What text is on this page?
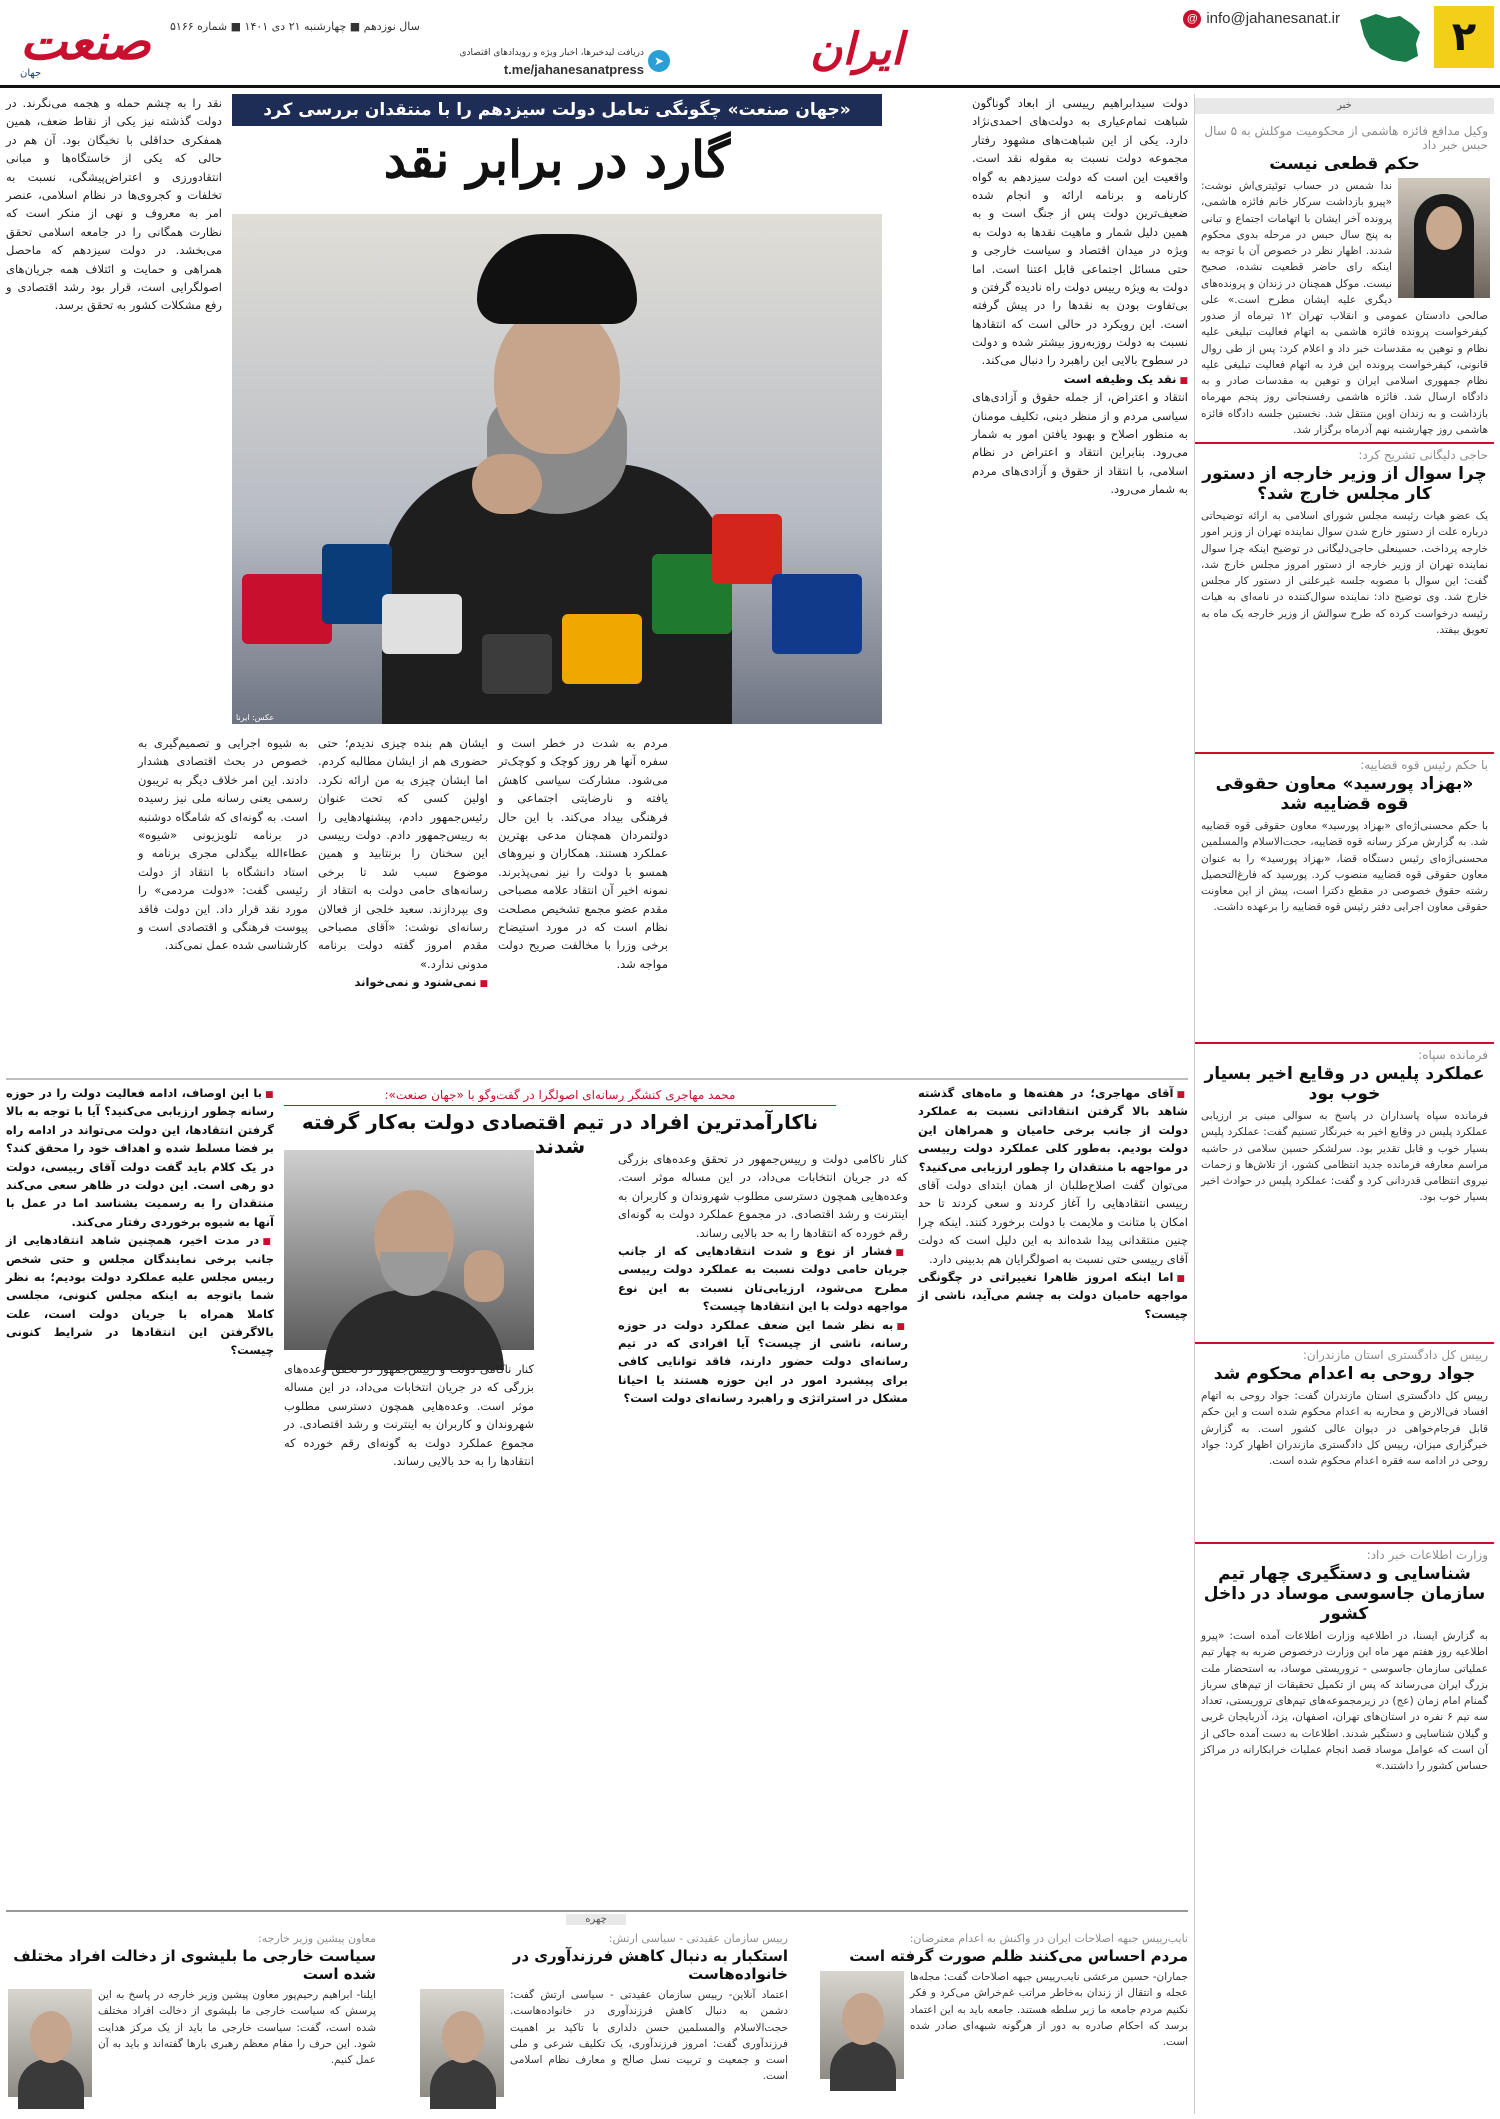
۲
@ info@jahanesanat.ir
ایران
➤
دریافت لیدخبرها، اخبار ویژه و رویدادهای اقتصادی
t.me/jahanesanatpress
سال نوزدهم ■ چهارشنبه ۲۱ دی ۱۴۰۱ ■ شماره ۵۱۶۶
صنعت
جهان
خبر
وکیل مدافع فائزه هاشمی از محکومیت موکلش به ۵ سال حبس خبر داد
حکم قطعی نیست
ندا شمس در حساب توئیتری‌اش نوشت: «پیرو بازداشت سرکار خانم فائزه هاشمی، پرونده آخر ایشان با اتهامات اجتماع و تبانی به پنج سال حبس در مرحله بدوی محکوم شدند. اظهار نظر در خصوص آن با توجه به اینکه رای حاضر قطعیت نشده، صحیح نیست. موکل همچنان در زندان و پرونده‌های دیگری علیه ایشان مطرح است.» علی صالحی دادستان عمومی و انقلاب تهران ۱۲ تیرماه از صدور کیفرخواست پرونده فائزه هاشمی به اتهام فعالیت تبلیغی علیه نظام و توهین به مقدسات خبر داد و اعلام کرد: پس از طی روال قانونی، کیفرخواست پرونده این فرد به اتهام فعالیت تبلیغی علیه نظام جمهوری اسلامی ایران و توهین به مقدسات صادر و به دادگاه ارسال شد. فائزه هاشمی رفسنجانی روز پنجم مهرماه بازداشت و به زندان اوین منتقل شد. نخستین جلسه دادگاه فائزه هاشمی روز چهارشنبه نهم آذرماه برگزار شد.
حاجی دلیگانی تشریح کرد:
چرا سوال از وزیر خارجه از دستور کار مجلس خارج شد؟
یک عضو هیات رئیسه مجلس شورای اسلامی به ارائه توضیحاتی درباره علت از دستور خارج شدن سوال نماینده تهران از وزیر امور خارجه پرداخت. حسینعلی حاجی‌دلیگانی در توضیح اینکه چرا سوال نماینده تهران از وزیر خارجه از دستور امروز مجلس خارج شد، گفت: این سوال با مصوبه جلسه غیرعلنی از دستور کار مجلس خارج شد. وی توضیح داد: نماینده سوال‌کننده در نامه‌ای به هیات رئیسه درخواست کرده که طرح سوالش از وزیر خارجه یک ماه به تعویق بیفتد.
با حکم رئیس قوه قضاییه:
«بهزاد پورسید» معاون حقوقی قوه قضاییه شد
با حکم محسنی‌اژه‌ای «بهزاد پورسید» معاون حقوقی قوه قضاییه شد. به گزارش مرکز رسانه قوه قضاییه، حجت‌الاسلام والمسلمین محسنی‌اژه‌ای رئیس دستگاه قضا، «بهزاد پورسید» را به عنوان معاون حقوقی قوه قضاییه منصوب کرد. پورسید که فارغ‌التحصیل رشته حقوق خصوصی در مقطع دکترا است، پیش از این معاونت حقوقی معاون اجرایی دفتر رئیس قوه قضاییه را برعهده داشت.
فرمانده سپاه:
عملکرد پلیس در وقایع اخیر بسیار خوب بود
فرمانده سپاه پاسداران در پاسخ به سوالی مبنی بر ارزیابی عملکرد پلیس در وقایع اخیر به خبرنگار تسنیم گفت: عملکرد پلیس بسیار خوب و قابل تقدیر بود. سرلشکر حسین سلامی در حاشیه مراسم معارفه فرمانده جدید انتظامی کشور، از تلاش‌ها و زحمات نیروی انتظامی قدردانی کرد و گفت: عملکرد پلیس در حوادث اخیر بسیار خوب بود.
رییس کل دادگستری استان مازندران:
جواد روحی به اعدام محکوم شد
رییس کل دادگستری استان مازندران گفت: جواد روحی به اتهام افساد فی‌الارض و محاربه به اعدام محکوم شده است و این حکم قابل فرجام‌خواهی در دیوان عالی کشور است. به گزارش خبرگزاری میزان، رییس کل دادگستری مازندران اظهار کرد: جواد روحی در ادامه سه فقره اعدام محکوم شده است.
وزارت اطلاعات خبر داد:
شناسایی و دستگیری چهار تیم سازمان جاسوسی موساد در داخل کشور
به گزارش ایسنا، در اطلاعیه وزارت اطلاعات آمده است: «پیرو اطلاعیه روز هفتم مهر ماه این وزارت درخصوص ضربه به چهار تیم عملیاتی سازمان جاسوسی - تروریستی موساد، به استحضار ملت بزرگ ایران می‌رساند که پس از تکمیل تحقیقات از تیم‌های سرباز گمنام امام زمان (عج) در زیرمجموعه‌های تیم‌های تروریستی، تعداد سه تیم ۶ نفره در استان‌های تهران، اصفهان، یزد، آذربایجان غربی و گیلان شناسایی و دستگیر شدند. اطلاعات به دست آمده حاکی از آن است که عوامل موساد قصد انجام عملیات خرابکارانه در مراکز حساس کشور را داشتند.»
«جهان صنعت» چگونگی تعامل دولت سیزدهم را با منتقدان بررسی کرد
گارد در برابر نقد

دولت سیدابراهیم رییسی از ابعاد گوناگون شباهت تمام‌عیاری به دولت‌های احمدی‌نژاد دارد. یکی از این شباهت‌های مشهود رفتار مجموعه دولت نسبت به مقوله نقد است. واقعیت این است که دولت سیزدهم به گواه کارنامه و برنامه ارائه و انجام شده ضعیف‌ترین دولت پس از جنگ است و به همین دلیل شمار و ماهیت نقدها به دولت به ویژه در میدان اقتصاد و سیاست خارجی و حتی مسائل اجتماعی قابل اعتنا است. اما دولت به ویژه رییس دولت راه نادیده گرفتن و بی‌تفاوت بودن به نقدها را در پیش گرفته است. این رویکرد در حالی است که انتقادها نسبت به دولت روزبه‌روز بیشتر شده و دولت در سطوح بالایی این راهبرد را دنبال می‌کند.

■ نقد یک وظیفه است

انتقاد و اعتراض، از جمله حقوق و آزادی‌های سیاسی مردم و از منظر دینی، تکلیف مومنان به منظور اصلاح و بهبود یافتن امور به شمار می‌رود. بنابراین انتقاد و اعتراض در نظام اسلامی، با انتقاد از حقوق و آزادی‌های مردم به شمار می‌رود.

عکس: ایرنا

مردم به شدت در خطر است و سفره آنها هر روز کوچک و کوچک‌تر می‌شود. مشارکت سیاسی کاهش یافته و نارضایتی اجتماعی و فرهنگی بیداد می‌کند. با این حال دولتمردان همچنان مدعی بهترین عملکرد هستند. همکاران و نیروهای همسو با دولت را نیز نمی‌پذیرند. نمونه اخیر آن انتقاد علامه مصباحی مقدم عضو مجمع تشخیص مصلحت نظام است که در مورد استیضاح برخی وزرا با مخالفت صریح دولت مواجه شد.

ایشان هم بنده چیزی ندیدم؛ حتی حضوری هم از ایشان مطالبه کردم. اما ایشان چیزی به من ارائه نکرد. اولین کسی که تحت عنوان رئیس‌جمهور دادم، پیشنهادهایی را به رییس‌جمهور دادم. دولت رییسی این سخنان را برنتابید و همین موضوع سبب شد تا برخی رسانه‌های حامی دولت به انتقاد از وی بپردازند. سعید خلجی از فعالان رسانه‌ای نوشت: «آقای مصباحی مقدم امروز گفته دولت برنامه مدونی ندارد.»

■ نمی‌شنود و نمی‌خواند

به شیوه اجرایی و تصمیم‌گیری به خصوص در بحث اقتصادی هشدار دادند. این امر خلاف دیگر به تریبون رسمی یعنی رسانه ملی نیز رسیده است. به گونه‌ای که شامگاه دوشنبه در برنامه تلویزیونی «شیوه» عطاءالله بیگدلی مجری برنامه و استاد دانشگاه با انتقاد از دولت رئیسی گفت: «دولت مردمی» را مورد نقد قرار داد. این دولت فاقد پیوست فرهنگی و اقتصادی است و کارشناسی شده عمل نمی‌کند.

نقد را به چشم حمله و هجمه می‌نگرند. در دولت گذشته نیز یکی از نقاط ضعف، همین همفکری حداقلی با نخبگان بود. آن هم در حالی که یکی از خاستگاه‌ها و مبانی انتقادورزی و اعتراض‌پیشگی، نسبت به تخلفات و کجروی‌ها در نظام اسلامی، عنصر امر به معروف و نهی از منکر است که نظارت همگانی را در جامعه اسلامی تحقق می‌بخشد. در دولت سیزدهم که ماحصل همراهی و حمایت و ائتلاف همه جریان‌های اصولگرایی است، قرار بود رشد اقتصادی و رفع مشکلات کشور به تحقق برسد.

محمد مهاجری کنشگر رسانه‌ای اصولگرا در گفت‌وگو با «جهان صنعت»:
ناکارآمدترین افراد در تیم اقتصادی دولت به‌کار گرفته شدند

■ آقای مهاجری؛ در هفته‌ها و ماه‌های گذشته شاهد بالا گرفتن انتقاداتی نسبت به عملکرد دولت از جانب برخی حامیان و همراهان این دولت بودیم. به‌طور کلی عملکرد دولت رییسی در مواجهه با منتقدان را چطور ارزیابی می‌کنید؟

می‌توان گفت اصلاح‌طلبان از همان ابتدای دولت آقای رییسی انتقادهایی را آغاز کردند و سعی کردند تا حد امکان با متانت و ملایمت با دولت برخورد کنند. اینکه چرا چنین منتقدانی پیدا شده‌اند به این دلیل است که دولت آقای رییسی حتی نسبت به اصولگرایان هم بدبینی دارد.

■ اما اینکه امروز ظاهرا تغییراتی در چگونگی مواجهه حامیان دولت به چشم می‌آید، ناشی از چیست؟

کنار ناکامی دولت و رییس‌جمهور در تحقق وعده‌های بزرگی که در جریان انتخابات می‌داد، در این مساله موثر است. وعده‌هایی همچون دسترسی مطلوب شهروندان و کاربران به اینترنت و رشد اقتصادی. در مجموع عملکرد دولت به گونه‌ای رقم خورده که انتقادها را به حد بالایی رساند.

■ فشار از نوع و شدت انتقادهایی که از جانب جریان حامی دولت نسبت به عملکرد دولت رییسی مطرح می‌شود، ارزیابی‌تان نسبت به این نوع مواجهه دولت با این انتقادها چیست؟

■ به نظر شما این ضعف عملکرد دولت در حوزه رسانه، ناشی از چیست؟ آیا افرادی که در تیم رسانه‌ای دولت حضور دارند، فاقد توانایی کافی برای پیشبرد امور در این حوزه هستند یا احیانا مشکل در استراتژی و راهبرد رسانه‌ای دولت است؟

کنار ناکامی دولت و رییس‌جمهور در تحقق وعده‌های بزرگی که در جریان انتخابات می‌داد، در این مساله موثر است. وعده‌هایی همچون دسترسی مطلوب شهروندان و کاربران به اینترنت و رشد اقتصادی. در مجموع عملکرد دولت به گونه‌ای رقم خورده که انتقادها را به حد بالایی رساند.

■ با این اوصاف، ادامه فعالیت دولت را در حوزه رسانه چطور ارزیابی می‌کنید؟ آیا با توجه به بالا گرفتن انتقادها، این دولت می‌تواند در ادامه راه بر فضا مسلط شده و اهداف خود را محقق کند؟ در یک کلام باید گفت دولت آقای رییسی، دولت دو رهی است. این دولت در ظاهر سعی می‌کند منتقدان را به رسمیت بشناسد اما در عمل با آنها به شیوه برخوردی رفتار می‌کند.

■ در مدت اخیر، همچنین شاهد انتقادهایی از جانب برخی نمایندگان مجلس و حتی شخص رییس مجلس علیه عملکرد دولت بودیم؛ به نظر شما باتوجه به اینکه مجلس کنونی، مجلسی کاملا همراه با جریان دولت است، علت بالاگرفتن این انتقادها در شرایط کنونی چیست؟

چهره
نایب‌رییس جبهه اصلاحات ایران در واکنش به اعدام معترضان:
مردم احساس می‌کنند ظلم صورت گرفته است
جماران- حسین مرعشی نایب‌رییس جبهه اصلاحات گفت: مجله‌ها عجله و انتقال از زندان به‌خاطر مراتب غم‌خراش می‌کرد و فکر نکنیم مردم جامعه ما زیر سلطه هستند. جامعه باید به این اعتماد برسد که احکام صادره به دور از هرگونه شبهه‌ای صادر شده است.
رییس سازمان عقیدتی - سیاسی ارتش:
استکبار به دنبال کاهش فرزندآوری در خانواده‌هاست
اعتماد آنلاین- رییس سازمان عقیدتی - سیاسی ارتش گفت: دشمن به دنبال کاهش فرزندآوری در خانواده‌هاست. حجت‌الاسلام والمسلمین حسن دلداری با تاکید بر اهمیت فرزندآوری گفت: امروز فرزندآوری، یک تکلیف شرعی و ملی است و جمعیت و تربیت نسل صالح و معارف نظام اسلامی است.
معاون پیشین وزیر خارجه:
سیاست خارجی ما بلیشوی از دخالت افراد مختلف شده است
ایلنا- ابراهیم رحیم‌پور معاون پیشین وزیر خارجه در پاسخ به این پرسش که سیاست خارجی ما بلیشوی از دخالت افراد مختلف شده است، گفت: سیاست خارجی ما باید از یک مرکز هدایت شود. این حرف را مقام معظم رهبری بارها گفته‌اند و باید به آن عمل کنیم.
